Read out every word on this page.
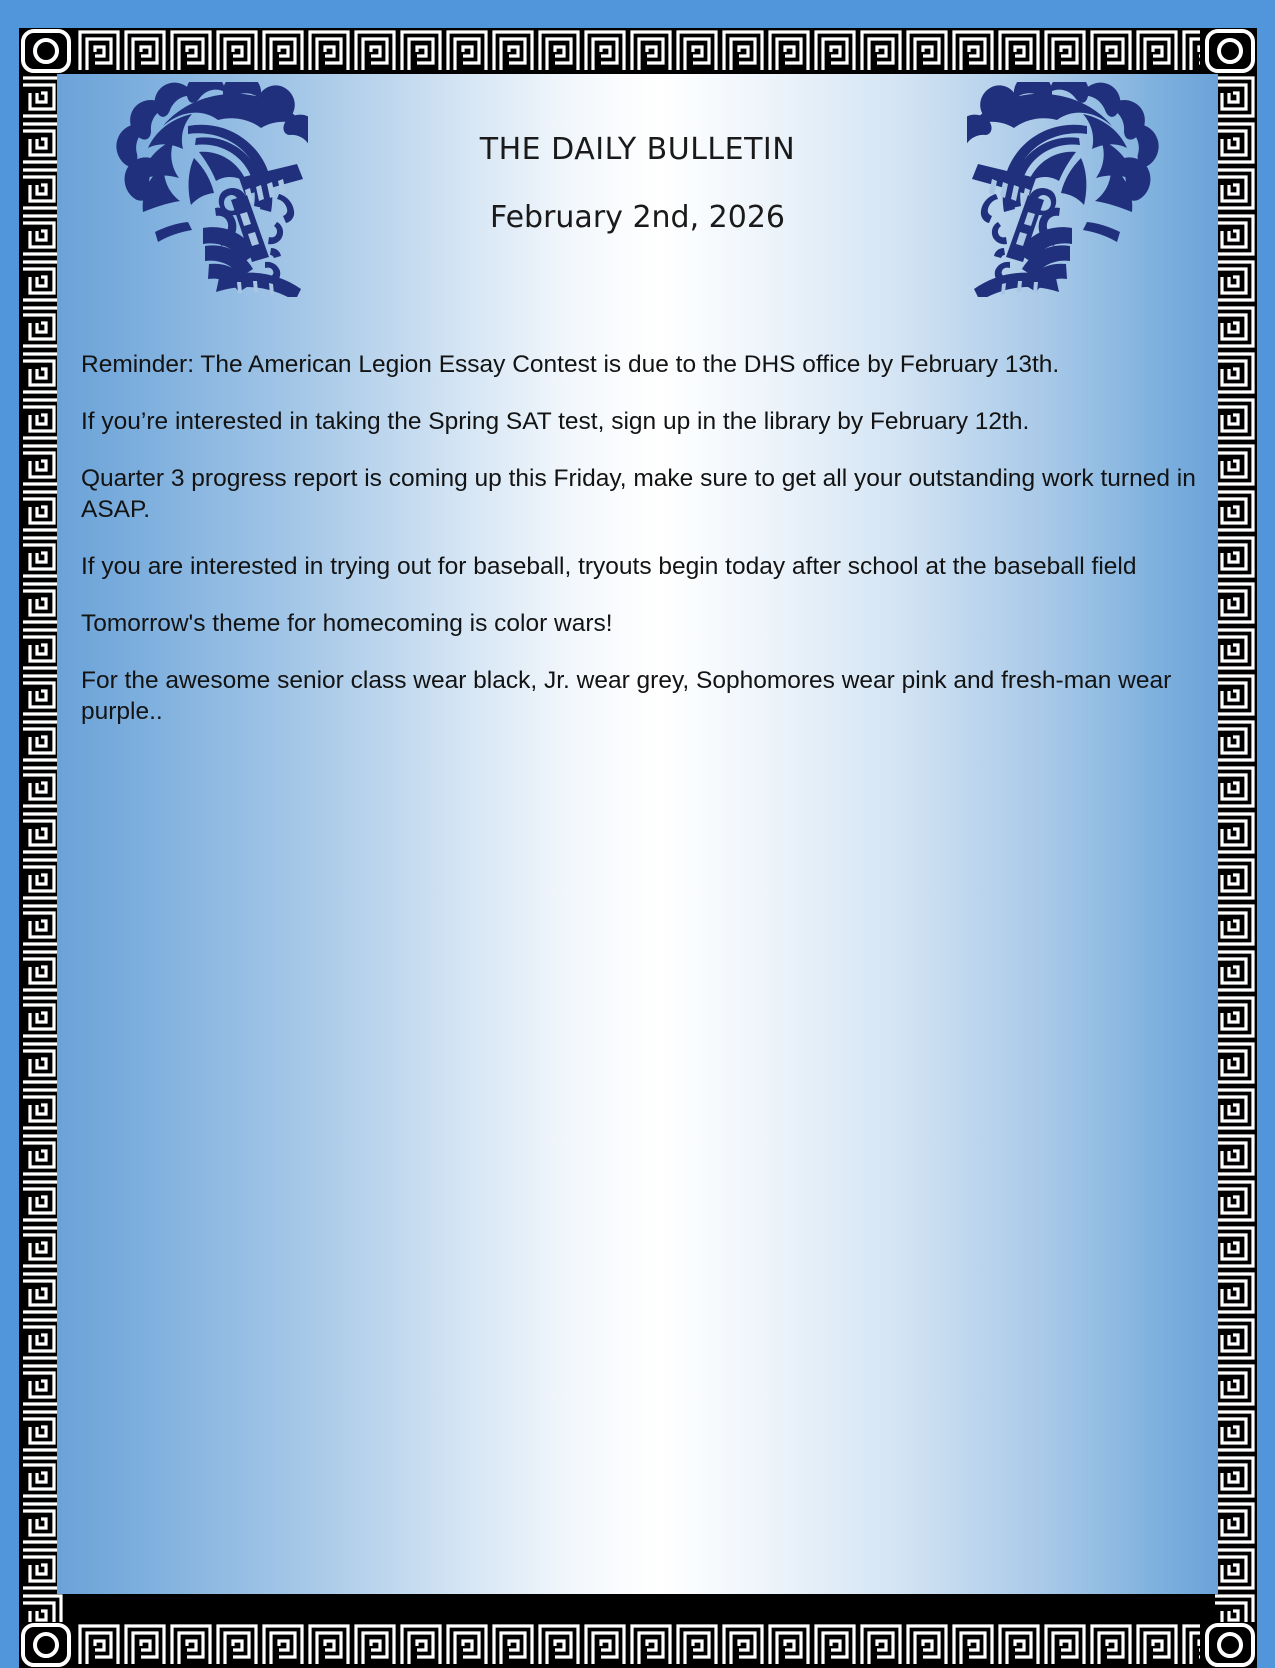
THE DAILY BULLETIN
February 2nd, 2026

Reminder: The American Legion Essay Contest is due to the DHS office by February 13th.

If you’re interested in taking the Spring SAT test, sign up in the library by February 12th.

Quarter 3 progress report is coming up this Friday, make sure to get all your outstanding work turned in ASAP.

If you are interested in trying out for baseball, tryouts begin today after school at the baseball field

Tomorrow's theme for homecoming is color wars!

For the awesome senior class wear black, Jr. wear grey, Sophomores wear pink and fresh-man wear purple..
